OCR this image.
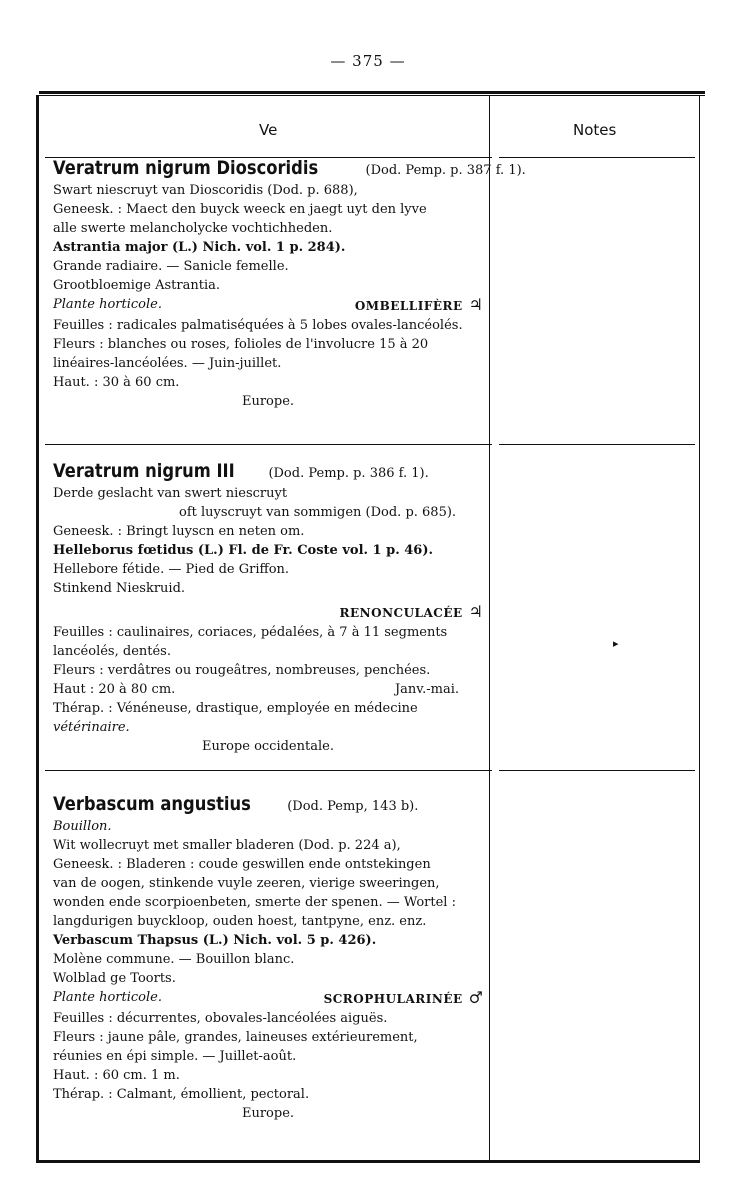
— 375 —
Ve	Notes
▸
Veratrum nigrum Dioscoridis	(Dod. Pemp. p. 387 f. 1).
Swart niescruyt van Dioscoridis (Dod. p. 688),
Geneesk. : Maect den buyck weeck en jaegt uyt den lyve
alle swerte melancholycke vochtichheden.
Astrantia major (L.) Nich. vol. 1 p. 284).
Grande radiaire. — Sanicle femelle.
Grootbloemige Astrantia.
Plante horticole.	OMBELLIFÈRE ♃
Feuilles : radicales palmatiséquées à 5 lobes ovales-lancéolés.
Fleurs : blanches ou roses, folioles de l'involucre 15 à 20
linéaires-lancéolées. — Juin-juillet.
Haut. : 30 à 60 cm.
Europe.
Veratrum nigrum III	(Dod. Pemp. p. 386 f. 1).
Derde geslacht van swert niescruyt
oft luyscruyt van sommigen (Dod. p. 685).
Geneesk. : Bringt luyscn en neten om.
Helleborus fœtidus (L.) Fl. de Fr. Coste vol. 1 p. 46).
Hellebore fétide. — Pied de Griffon.
Stinkend Nieskruid.
RENONCULACÉE ♃
Feuilles : caulinaires, coriaces, pédalées, à 7 à 11 segments
lancéolés, dentés.
Fleurs : verdâtres ou rougeâtres, nombreuses, penchées.
Haut : 20 à 80 cm.	Janv.-mai.
Thérap. : Vénéneuse, drastique, employée en médecine
vétérinaire.
Europe occidentale.
Verbascum angustius	(Dod. Pemp, 143 b).
Bouillon.
Wit wollecruyt met smaller bladeren (Dod. p. 224 a),
Geneesk. : Bladeren : coude geswillen ende ontstekingen
van de oogen, stinkende vuyle zeeren, vierige sweeringen,
wonden ende scorpioenbeten, smerte der spenen. — Wortel :
langdurigen buyckloop, ouden hoest, tantpyne, enz. enz.
Verbascum Thapsus (L.) Nich. vol. 5 p. 426).
Molène commune. — Bouillon blanc.
Wolblad ge Toorts.
Plante horticole.	SCROPHULARINÉE ♂
Feuilles : décurrentes, obovales-lancéolées aiguës.
Fleurs : jaune pâle, grandes, laineuses extérieurement,
réunies en épi simple. — Juillet-août.
Haut. : 60 cm. 1 m.
Thérap. : Calmant, émollient, pectoral.
Europe.
